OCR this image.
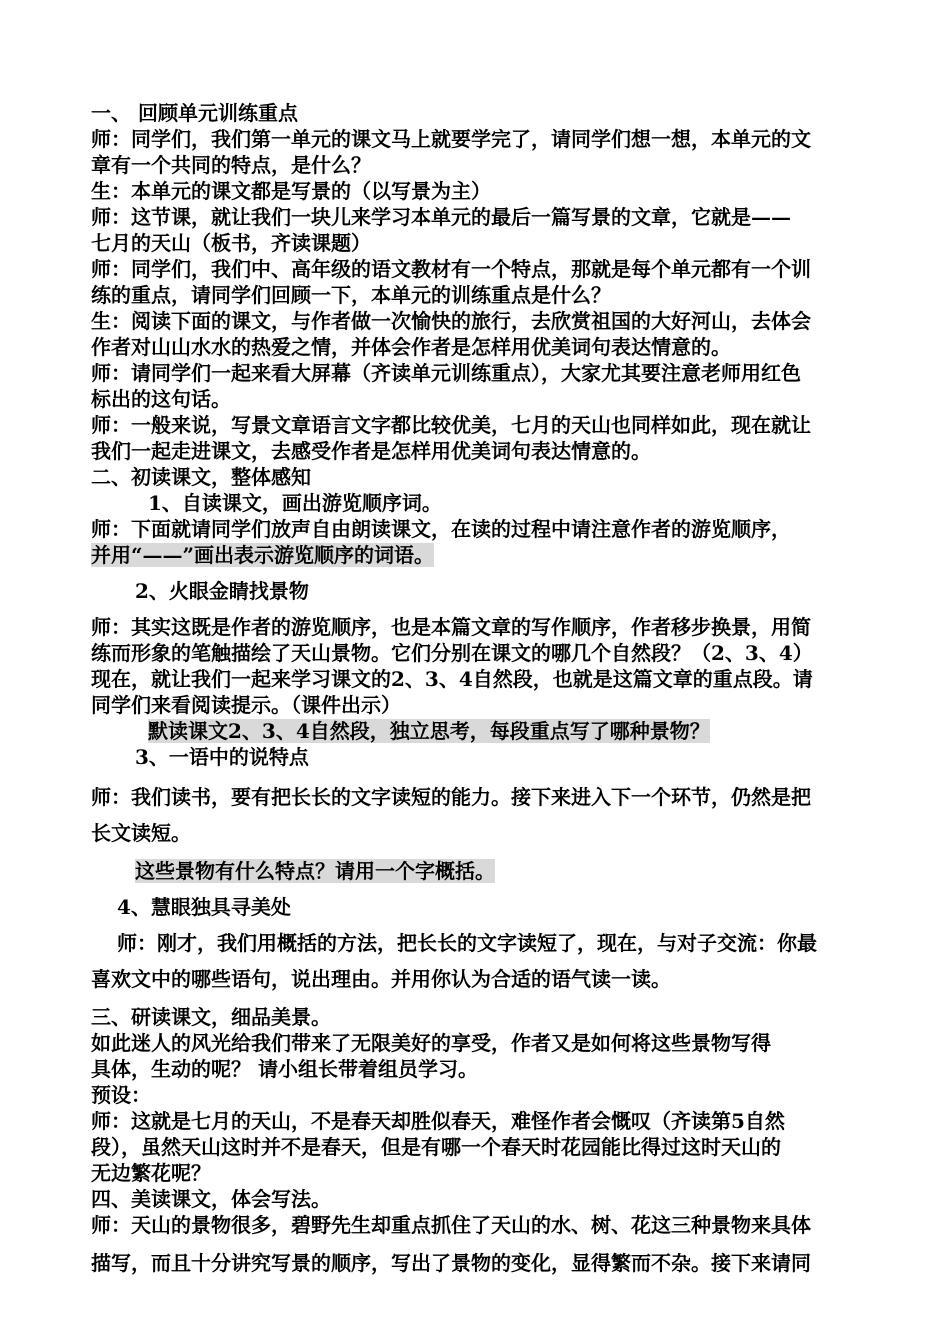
一、 回顾单元训练重点
师：同学们，我们第一单元的课文马上就要学完了，请同学们想一想，本单元的文
章有一个共同的特点，是什么？
生：本单元的课文都是写景的（以写景为主）
师：这节课，就让我们一块儿来学习本单元的最后一篇写景的文章，它就是——
七月的天山（板书，齐读课题）
师：同学们，我们中、高年级的语文教材有一个特点，那就是每个单元都有一个训
练的重点，请同学们回顾一下，本单元的训练重点是什么？
生：阅读下面的课文，与作者做一次愉快的旅行，去欣赏祖国的大好河山，去体会
作者对山山水水的热爱之情，并体会作者是怎样用优美词句表达情意的。
师：请同学们一起来看大屏幕（齐读单元训练重点），大家尤其要注意老师用红色
标出的这句话。
师：一般来说，写景文章语言文字都比较优美，七月的天山也同样如此，现在就让
我们一起走进课文，去感受作者是怎样用优美词句表达情意的。
二、初读课文，整体感知
1、自读课文，画出游览顺序词。
师：下面就请同学们放声自由朗读课文，在读的过程中请注意作者的游览顺序，
并用“——”画出表示游览顺序的词语。
2、火眼金睛找景物
师：其实这既是作者的游览顺序，也是本篇文章的写作顺序，作者移步换景，用简
练而形象的笔触描绘了天山景物。它们分别在课文的哪几个自然段？（2、3、4）
现在，就让我们一起来学习课文的2、3、4自然段，也就是这篇文章的重点段。请
同学们来看阅读提示。（课件出示）
默读课文2、3、4自然段，独立思考，每段重点写了哪种景物？
3、一语中的说特点
师：我们读书，要有把长长的文字读短的能力。接下来进入下一个环节，仍然是把
长文读短。
这些景物有什么特点？请用一个字概括。
4、慧眼独具寻美处
师：刚才，我们用概括的方法，把长长的文字读短了，现在，与对子交流：你最
喜欢文中的哪些语句，说出理由。并用你认为合适的语气读一读。
三、研读课文，细品美景。
如此迷人的风光给我们带来了无限美好的享受，作者又是如何将这些景物写得
具体，生动的呢？ 请小组长带着组员学习。
预设：
师：这就是七月的天山，不是春天却胜似春天，难怪作者会慨叹（齐读第5自然
段），虽然天山这时并不是春天，但是有哪一个春天时花园能比得过这时天山的
无边繁花呢？
四、美读课文，体会写法。
师：天山的景物很多，碧野先生却重点抓住了天山的水、树、花这三种景物来具体
描写，而且十分讲究写景的顺序，写出了景物的变化，显得繁而不杂。接下来请同
